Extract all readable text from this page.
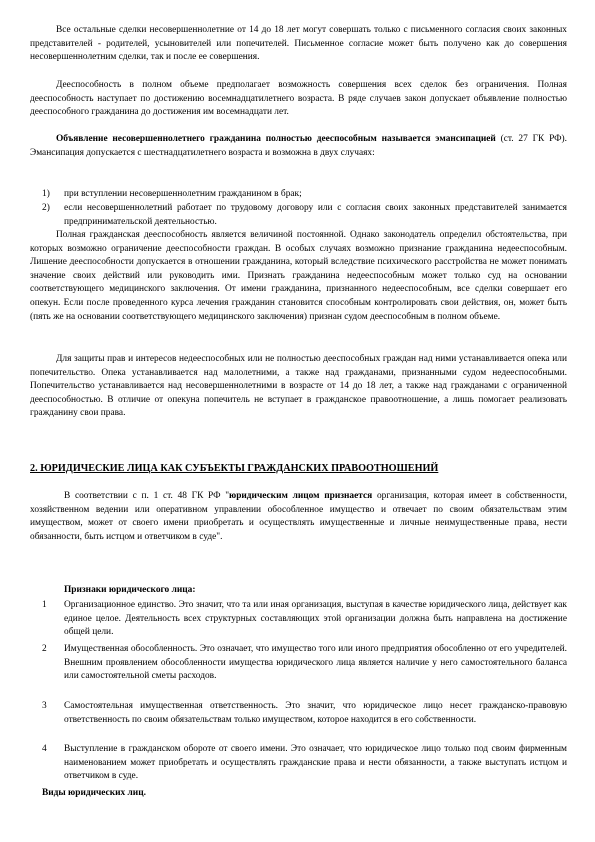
Все остальные сделки несовершеннолетние от 14 до 18 лет могут совершать только с письменного согласия своих законных представителей - родителей, усыновителей или попечителей. Письменное согласие может быть получено как до совершения несовершеннолетним сделки, так и после ее совершения.

Дееспособность в полном объеме предполагает возможность совершения всех сделок без ограничения. Полная дееспособность наступает по достижению восемнадцатилетнего возраста. В ряде случаев закон допускает объявление полностью дееспособного гражданина до достижения им восемнадцати лет.

Объявление несовершеннолетнего гражданина полностью дееспособным называется эмансипацией (ст. 27 ГК РФ). Эмансипация допускается с шестнадцатилетнего возраста и возможна в двух случаях:

1) при вступлении несовершеннолетним гражданином в брак;

2) если несовершеннолетний работает по трудовому договору или с согласия своих законных представителей занимается предпринимательской деятельностью.

Полная гражданская дееспособность является величиной постоянной. Однако законодатель определил обстоятельства, при которых возможно ограничение дееспособности граждан. В особых случаях возможно признание гражданина недееспособным. Лишение дееспособности допускается в отношении гражданина, который вследствие психического расстройства не может понимать значение своих действий или руководить ими. Признать гражданина недееспособным может только суд на основании соответствующего медицинского заключения. От имени гражданина, признанного недееспособным, все сделки совершает его опекун. Если после проведенного курса лечения гражданин становится способным контролировать свои действия, он, может быть (пять же на основании соответствующего медицинского заключения) признан судом дееспособным в полном объеме.

Для защиты прав и интересов недееспособных или не полностью дееспособных граждан над ними устанавливается опека или попечительство. Опека устанавливается над малолетними, а также над гражданами, признанными судом недееспособными. Попечительство устанавливается над несовершеннолетними в возрасте от 14 до 18 лет, а также над гражданами с ограниченной дееспособностью. В отличие от опекуна попечитель не вступает в гражданское правоотношение, а лишь помогает реализовать гражданину свои права.

2. ЮРИДИЧЕСКИЕ ЛИЦА КАК СУБЪЕКТЫ ГРАЖДАНСКИХ ПРАВООТНОШЕНИЙ

В соответствии с п. 1 ст. 48 ГК РФ "юридическим лицом признается организация, которая имеет в собственности, хозяйственном ведении или оперативном управлении обособленное имущество и отвечает по своим обязательствам этим имуществом, может от своего имени приобретать и осуществлять имущественные и личные неимущественные права, нести обязанности, быть истцом и ответчиком в суде".

Признаки юридического лица:

1 Организационное единство. Это значит, что та или иная организация, выступая в качестве юридического лица, действует как единое целое. Деятельность всех структурных составляющих этой организации должна быть направлена на достижение общей цели.

2 Имущественная обособленность. Это означает, что имущество того или иного предприятия обособленно от его учредителей. Внешним проявлением обособленности имущества юридического лица является наличие у него самостоятельного баланса или самостоятельной сметы расходов.

3 Самостоятельная имущественная ответственность. Это значит, что юридическое лицо несет гражданско-правовую ответственность по своим обязательствам только имуществом, которое находится в его собственности.

4 Выступление в гражданском обороте от своего имени. Это означает, что юридическое лицо только под своим фирменным наименованием может приобретать и осуществлять гражданские права и нести обязанности, а также выступать истцом и ответчиком в суде.

Виды юридических лиц.
